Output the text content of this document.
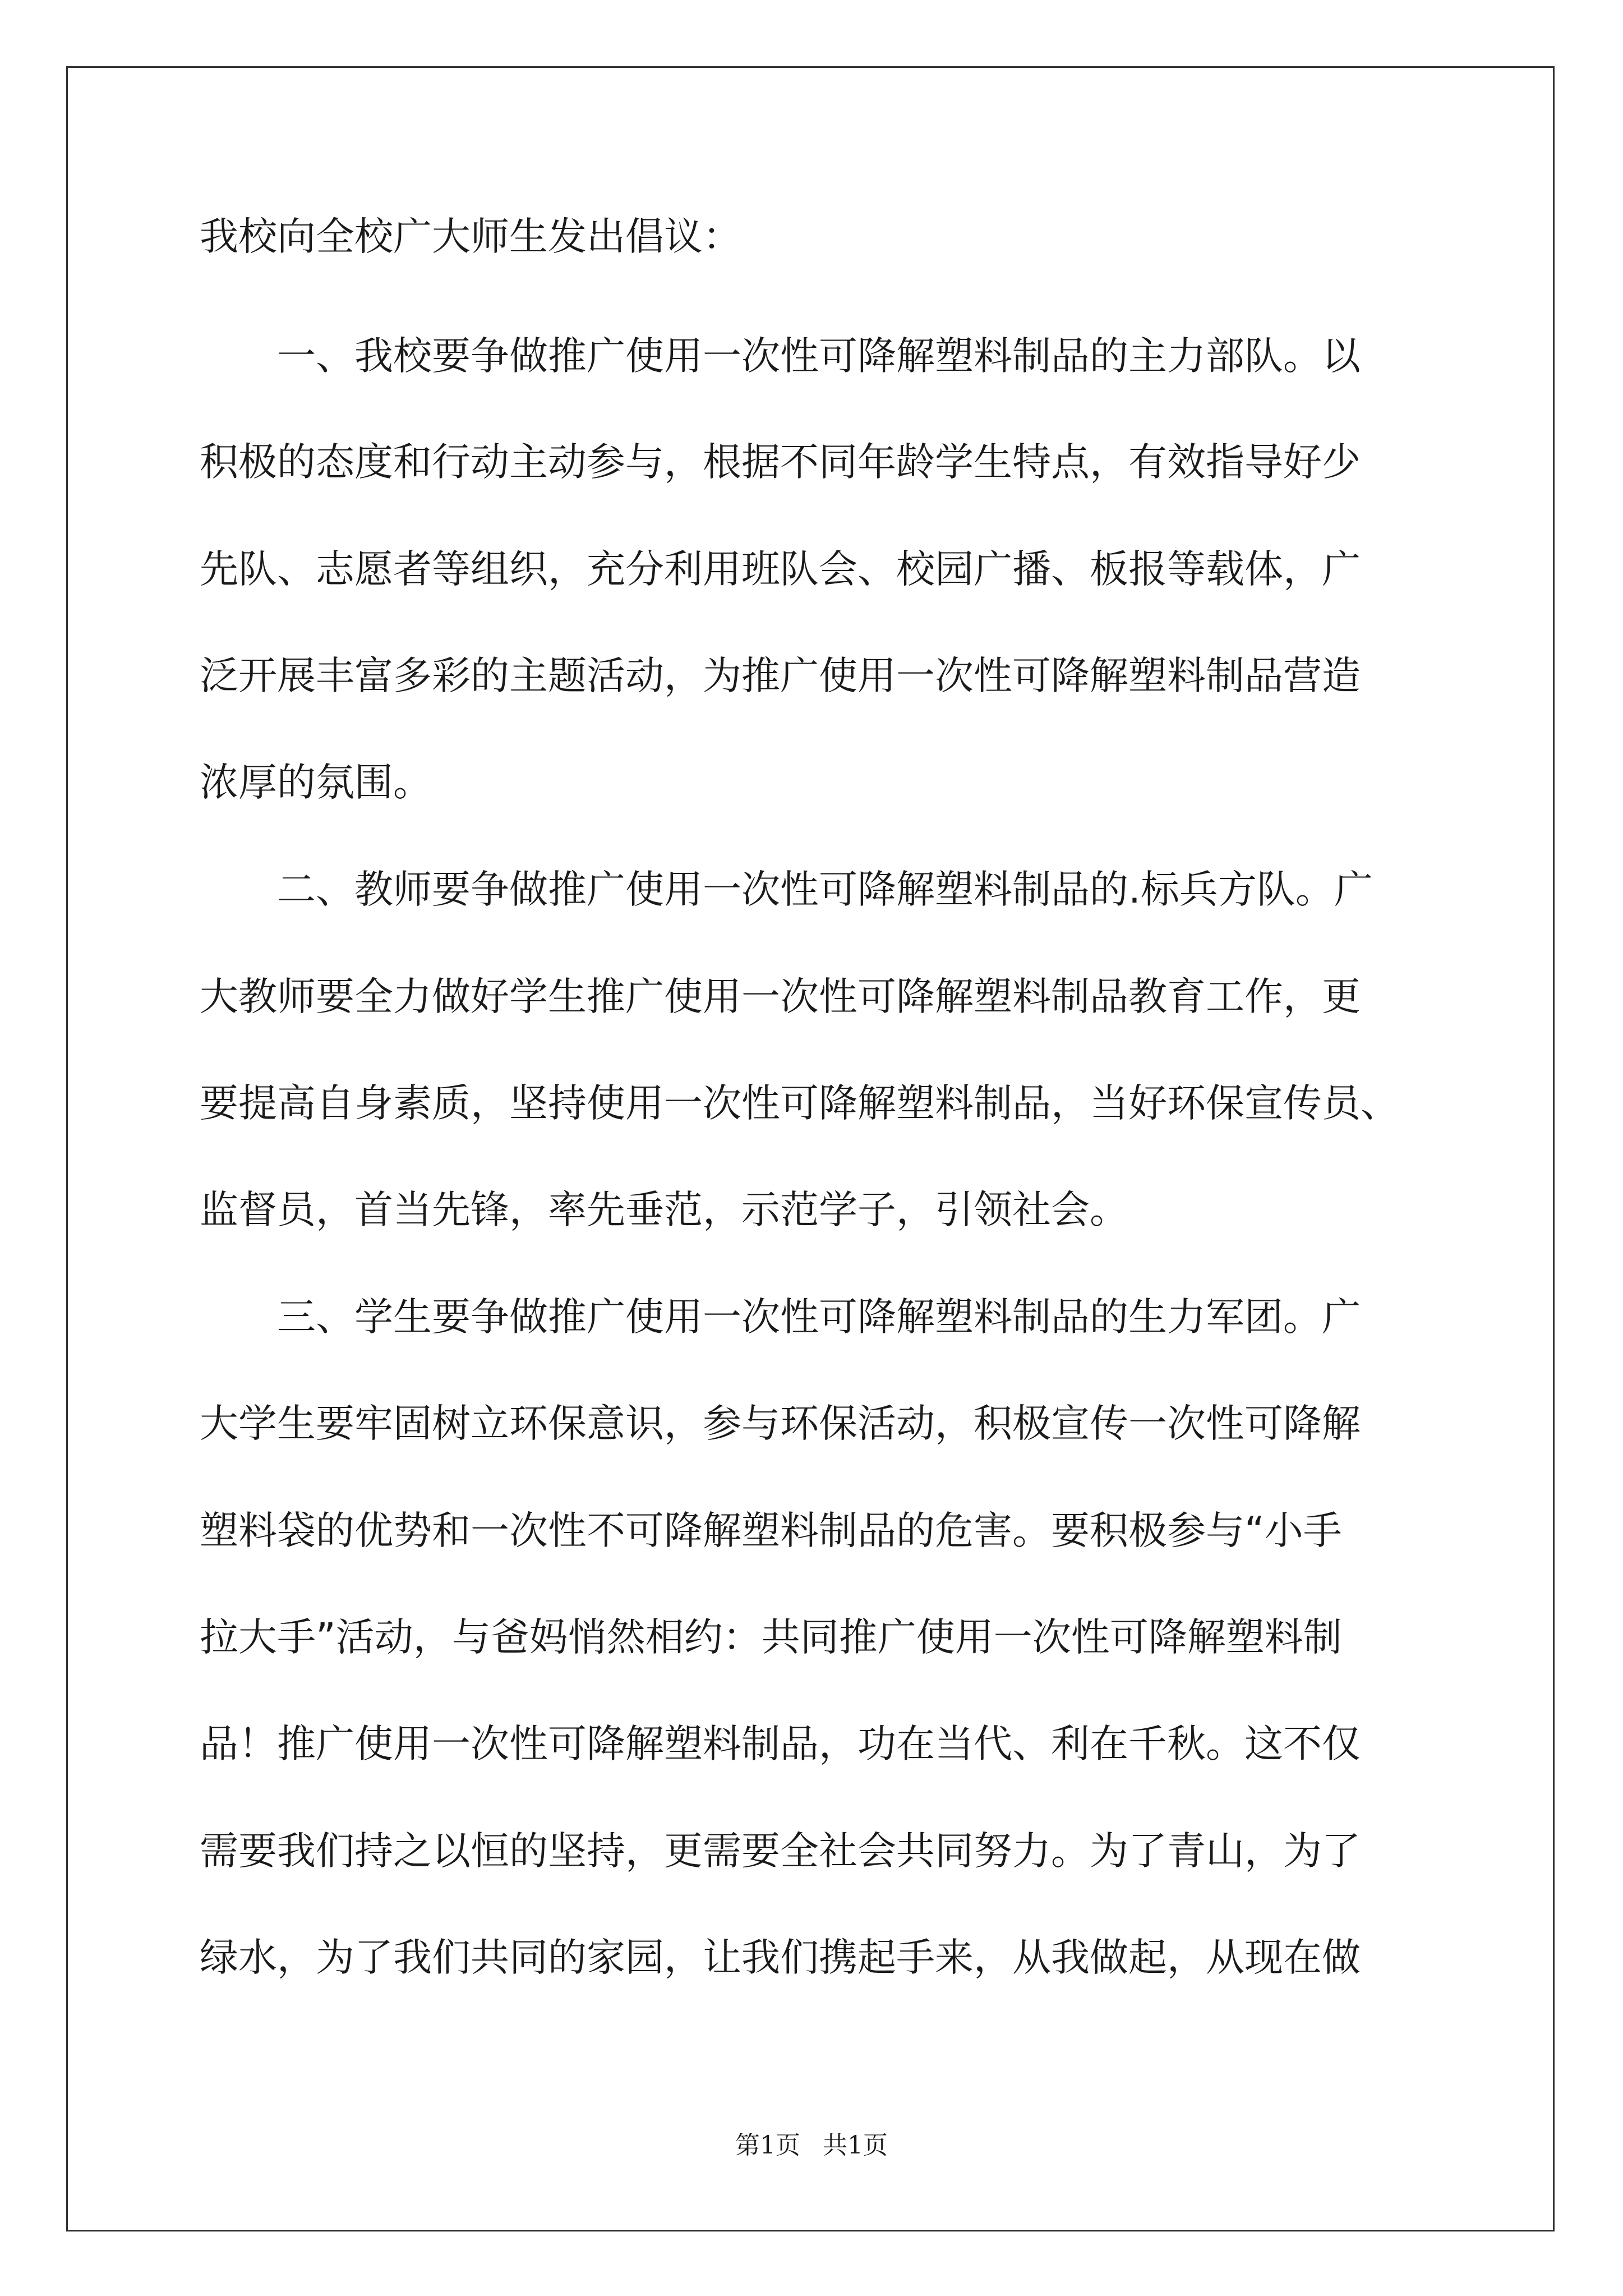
我校向全校广大师生发出倡议：
一、我校要争做推广使用一次性可降解塑料制品的主力部队。以
积极的态度和行动主动参与，根据不同年龄学生特点，有效指导好少
先队、志愿者等组织，充分利用班队会、校园广播、板报等载体，广
泛开展丰富多彩的主题活动，为推广使用一次性可降解塑料制品营造
浓厚的氛围。
二、教师要争做推广使用一次性可降解塑料制品的.标兵方队。广
大教师要全力做好学生推广使用一次性可降解塑料制品教育工作，更
要提高自身素质，坚持使用一次性可降解塑料制品，当好环保宣传员、
监督员，首当先锋，率先垂范，示范学子，引领社会。
三、学生要争做推广使用一次性可降解塑料制品的生力军团。广
大学生要牢固树立环保意识，参与环保活动，积极宣传一次性可降解
塑料袋的优势和一次性不可降解塑料制品的危害。要积极参与“小手
拉大手”活动，与爸妈悄然相约：共同推广使用一次性可降解塑料制
品！推广使用一次性可降解塑料制品，功在当代、利在千秋。这不仅
需要我们持之以恒的坚持，更需要全社会共同努力。为了青山，为了
绿水，为了我们共同的家园，让我们携起手来，从我做起，从现在做
第1页 共1页
